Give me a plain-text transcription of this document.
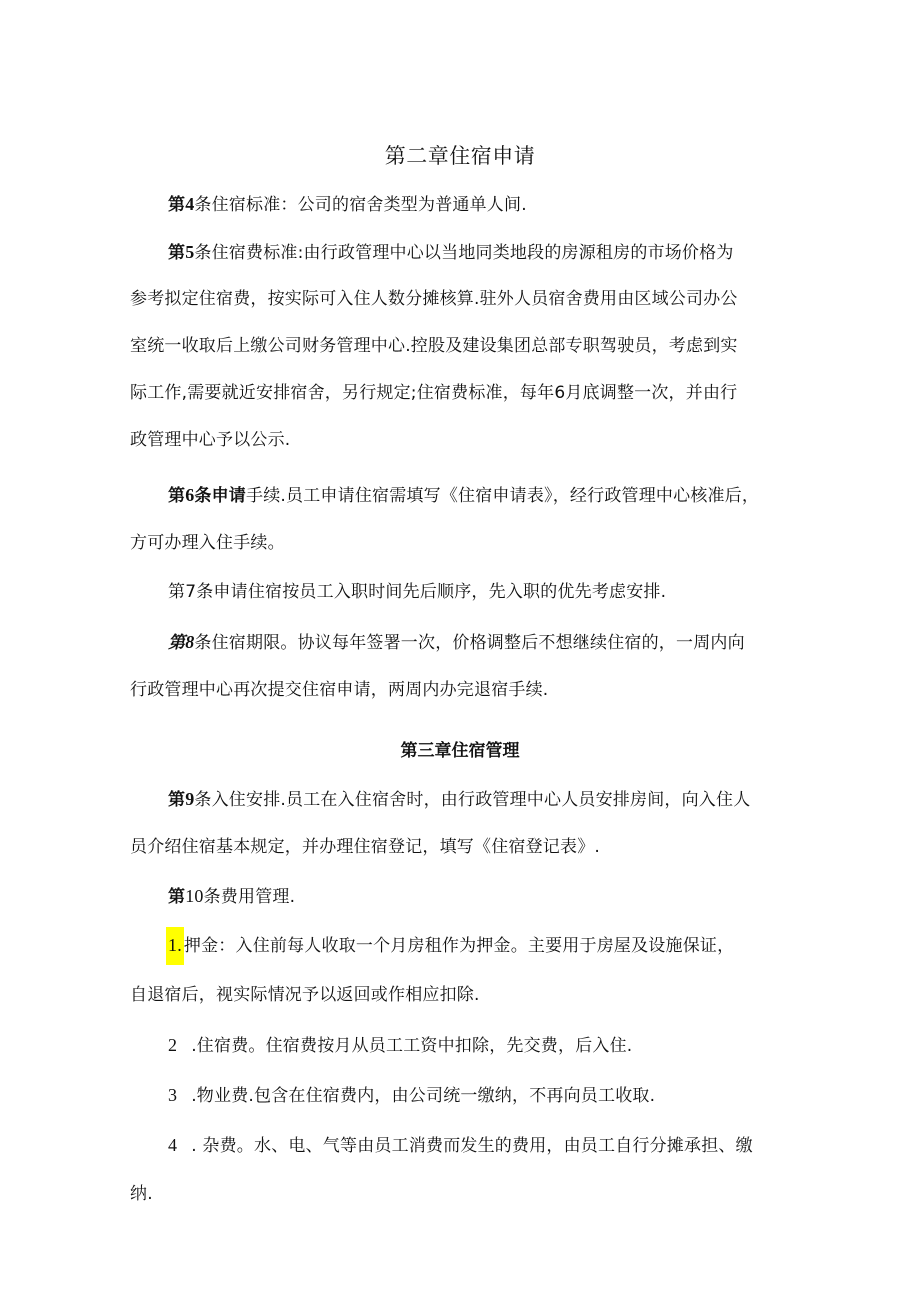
第二章住宿申请

第4条住宿标准：公司的宿舍类型为普通单人间.

第5条住宿费标准:由行政管理中心以当地同类地段的房源租房的市场价格为

参考拟定住宿费，按实际可入住人数分摊核算.驻外人员宿舍费用由区域公司办公

室统一收取后上缴公司财务管理中心.控股及建设集团总部专职驾驶员，考虑到实

际工作,需要就近安排宿舍，另行规定;住宿费标准，每年6月底调整一次，并由行

政管理中心予以公示.

第6条申请手续.员工申请住宿需填写《住宿申请表》，经行政管理中心核准后，

方可办理入住手续。

第7条申请住宿按员工入职时间先后顺序，先入职的优先考虑安排.

第8条住宿期限。协议每年签署一次，价格调整后不想继续住宿的，一周内向

行政管理中心再次提交住宿申请，两周内办完退宿手续.

第三章住宿管理

第9条入住安排.员工在入住宿舍时，由行政管理中心人员安排房间，向入住人

员介绍住宿基本规定，并办理住宿登记，填写《住宿登记表》.

第10条费用管理.

1. 押金：入住前每人收取一个月房租作为押金。主要用于房屋及设施保证，

自退宿后，视实际情况予以返回或作相应扣除.

2 .住宿费。住宿费按月从员工工资中扣除，先交费，后入住.

3 .物业费.包含在住宿费内，由公司统一缴纳，不再向员工收取.

4 . 杂费。水、电、气等由员工消费而发生的费用，由员工自行分摊承担、缴

纳.
